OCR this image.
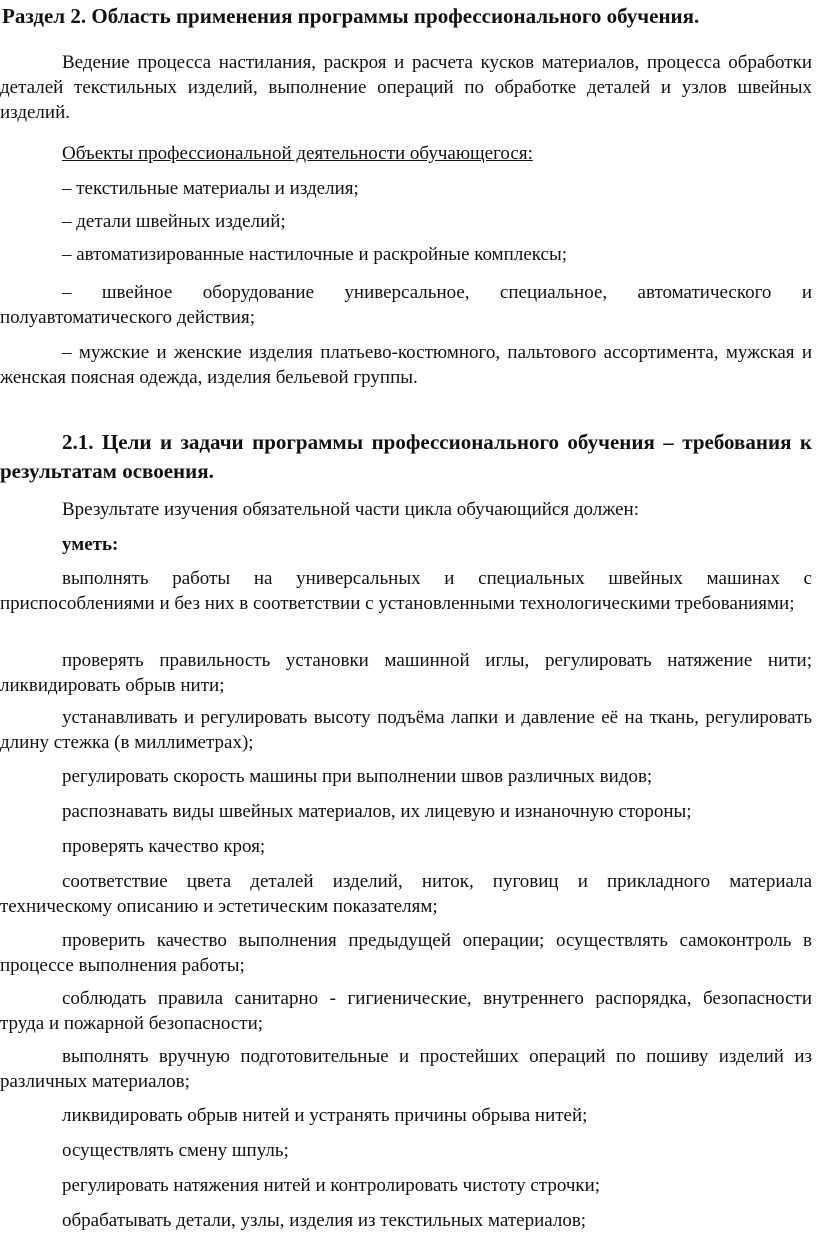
Раздел 2. Область применения программы профессионального обучения.

Ведение процесса настилания, раскроя и расчета кусков материалов, процесса обработки деталей текстильных изделий, выполнение операций по обработке деталей и узлов швейных изделий.

Объекты профессиональной деятельности обучающегося:

– текстильные материалы и изделия;

– детали швейных изделий;

– автоматизированные настилочные и раскройные комплексы;

– швейное оборудование универсальное, специальное, автоматического и полуавтоматического действия;

– мужские и женские изделия платьево-костюмного, пальтового ассортимента, мужская и женская поясная одежда, изделия бельевой группы.

2.1. Цели и задачи программы профессионального обучения – требования к результатам освоения.

Врезультате изучения обязательной части цикла обучающийся должен:

уметь:

выполнять работы на универсальных и специальных швейных машинах с приспособлениями и без них в соответствии с установленными технологическими требованиями;

проверять правильность установки машинной иглы, регулировать натяжение нити; ликвидировать обрыв нити;

устанавливать и регулировать высоту подъёма лапки и давление её на ткань, регулировать длину стежка (в миллиметрах);

регулировать скорость машины при выполнении швов различных видов;

распознавать виды швейных материалов, их лицевую и изнаночную стороны;

проверять качество кроя;

соответствие цвета деталей изделий, ниток, пуговиц и прикладного материала техническому описанию и эстетическим показателям;

проверить качество выполнения предыдущей операции; осуществлять самоконтроль в процессе выполнения работы;

соблюдать правила санитарно - гигиенические, внутреннего распорядка, безопасности труда и пожарной безопасности;

выполнять вручную подготовительные и простейших операций по пошиву изделий из различных материалов;

ликвидировать обрыв нитей и устранять причины обрыва нитей;

осуществлять смену шпуль;

регулировать натяжения нитей и контролировать чистоту строчки;

обрабатывать детали, узлы, изделия из текстильных материалов;
